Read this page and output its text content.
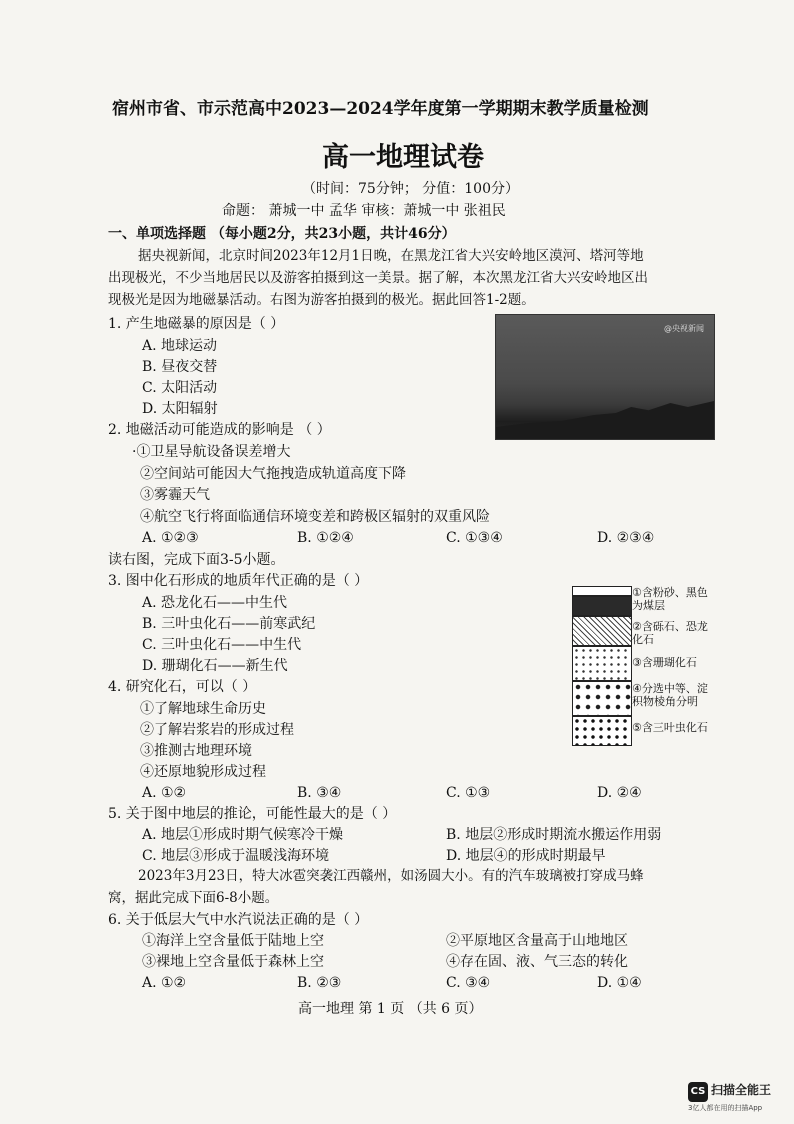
宿州市省、市示范高中2023—2024学年度第一学期期末教学质量检测
高一地理试卷
（时间：75分钟； 分值：100分）
命题： 萧城一中 孟华 审核：萧城一中 张祖民
一、单项选择题 （每小题2分，共23小题，共计46分）
据央视新闻，北京时间2023年12月1日晚，在黑龙江省大兴安岭地区漠河、塔河等地
出现极光，不少当地居民以及游客拍摄到这一美景。据了解，本次黑龙江省大兴安岭地区出
现极光是因为地磁暴活动。右图为游客拍摄到的极光。据此回答1-2题。
@央视新闻
1. 产生地磁暴的原因是（ ）
A. 地球运动
B. 昼夜交替
C. 太阳活动
D. 太阳辐射
2. 地磁活动可能造成的影响是 （ ）
·①卫星导航设备误差增大
②空间站可能因大气拖拽造成轨道高度下降
③雾霾天气
④航空飞行将面临通信环境变差和跨极区辐射的双重风险
A. ①②③	B. ①②④	C. ①③④	D. ②③④
读右图，完成下面3-5小题。
3. 图中化石形成的地质年代正确的是（ ）
A. 恐龙化石——中生代
B. 三叶虫化石——前寒武纪
C. 三叶虫化石——中生代
D. 珊瑚化石——新生代
①含粉砂、黑色
为煤层
②含砾石、恐龙
化石
③含珊瑚化石
④分选中等、淀
积物棱角分明
⑤含三叶虫化石
4. 研究化石，可以（ ）
①了解地球生命历史
②了解岩浆岩的形成过程
③推测古地理环境
④还原地貌形成过程
A. ①②	B. ③④	C. ①③	D. ②④
5. 关于图中地层的推论，可能性最大的是（ ）
A. 地层①形成时期气候寒冷干燥	B. 地层②形成时期流水搬运作用弱
C. 地层③形成于温暖浅海环境	D. 地层④的形成时期最早
2023年3月23日，特大冰雹突袭江西赣州，如汤圆大小。有的汽车玻璃被打穿成马蜂
窝，据此完成下面6-8小题。
6. 关于低层大气中水汽说法正确的是（ ）
①海洋上空含量低于陆地上空	②平原地区含量高于山地地区
③裸地上空含量低于森林上空	④存在固、液、气三态的转化
A. ①②	B. ②③	C. ③④	D. ①④
高一地理 第 1 页 （共 6 页）
CS 扫描全能王
3亿人都在用的扫描App
